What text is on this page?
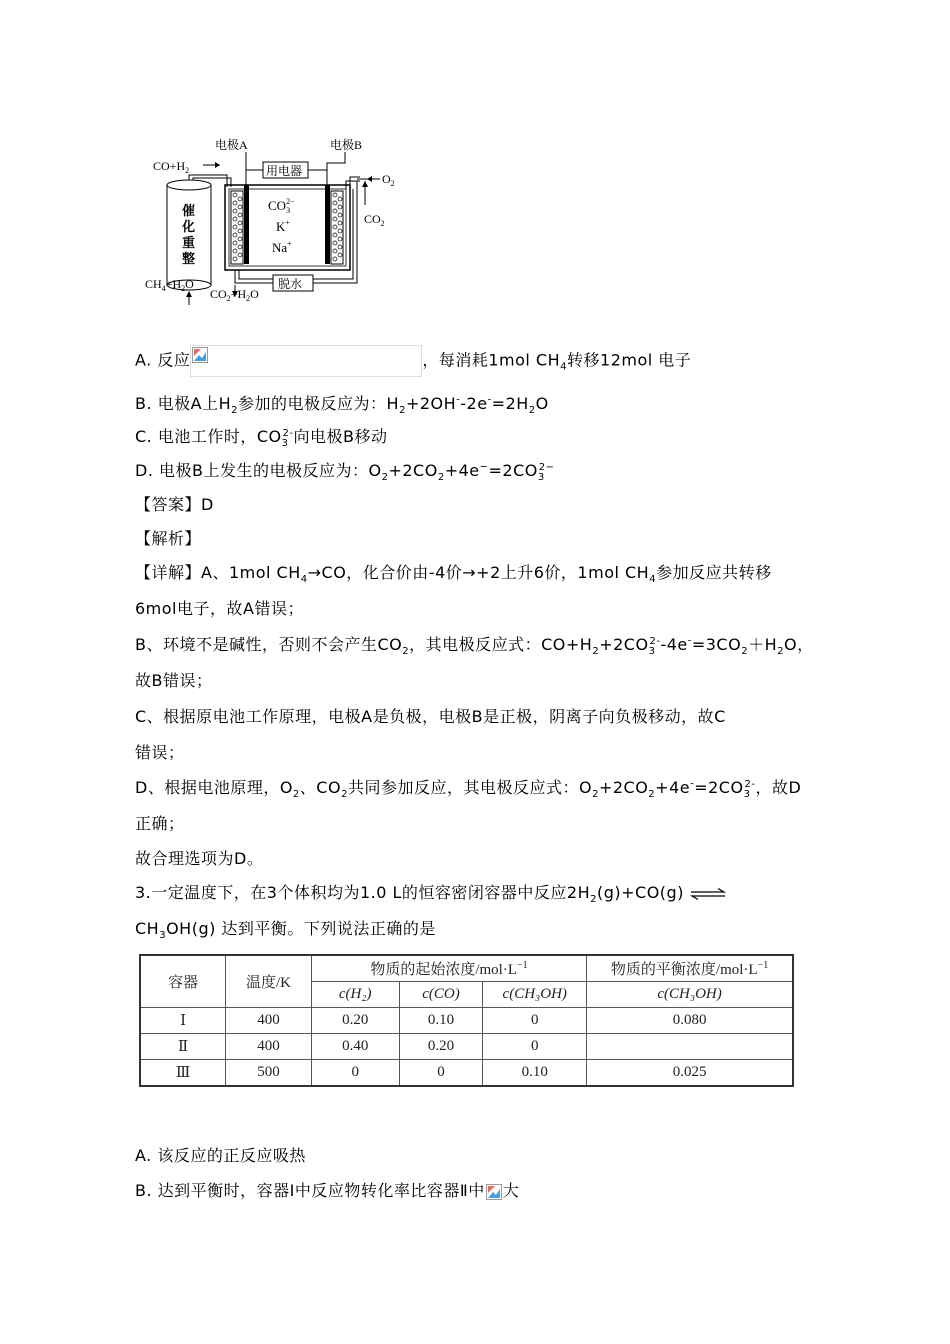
催
化
重
整
$CO+H_2$
$CH_4+H_2O$
用电器
电极A	电极B
$CO_32-$
K+
Na+
$O_2$
$CO_2$
脱水
$CO_2+H_2O$
A. 反应	，每消耗1mol $CH_4$转移12mol 电子
B. 电极A上$H_2$参加的电极反应为：$H_2+2OH^--2e^-=2H_2O$
C. 电池工作时，$CO_3^{2-}$向电极B移动
D. 电极B上发生的电极反应为：$O_2+2CO_2+4e^-=2CO_3^{2-}$
【答案】D
【解析】
【详解】A、1mol $CH_4\to CO$，化合价由-4价→+2上升6价，1mol $CH_4$参加反应共转移
6mol电子，故A错误；
B、环境不是碱性，否则不会产生$CO_2$，其电极反应式：$CO+H_2+2CO_3^{2-}-4e^-=3CO_2+H_2O$，
故B错误；
C、根据原电池工作原理，电极A是负极，电极B是正极，阴离子向负极移动，故C
错误；
D、根据电池原理，$O_2$、$CO_2$共同参加反应，其电极反应式：$O_2+2CO_2+4e^-=2CO_3^{2-}$，故D
正确；
故合理选项为D。
3.一定温度下，在3个体积均为1.0 L的恒容密闭容器中反应$2H_2(g)+CO(g)$ ⇌
$CH_3OH(g)$ 达到平衡。下列说法正确的是
容器	温度/K	物质的起始浓度$/mol\cdot L^{-1}$			物质的平衡浓度$/mol\cdot L^{-1}$
		c(H₂)	c(CO)	c(CH₃OH)	c(CH₃OH)
Ⅰ	400	0.20	0.10	0	0.080
Ⅱ	400	0.40	0.20	0	
Ⅲ	500	0	0	0.10	0.025
A. 该反应的正反应吸热
B. 达到平衡时，容器Ⅰ中反应物转化率比容器Ⅱ中 大
